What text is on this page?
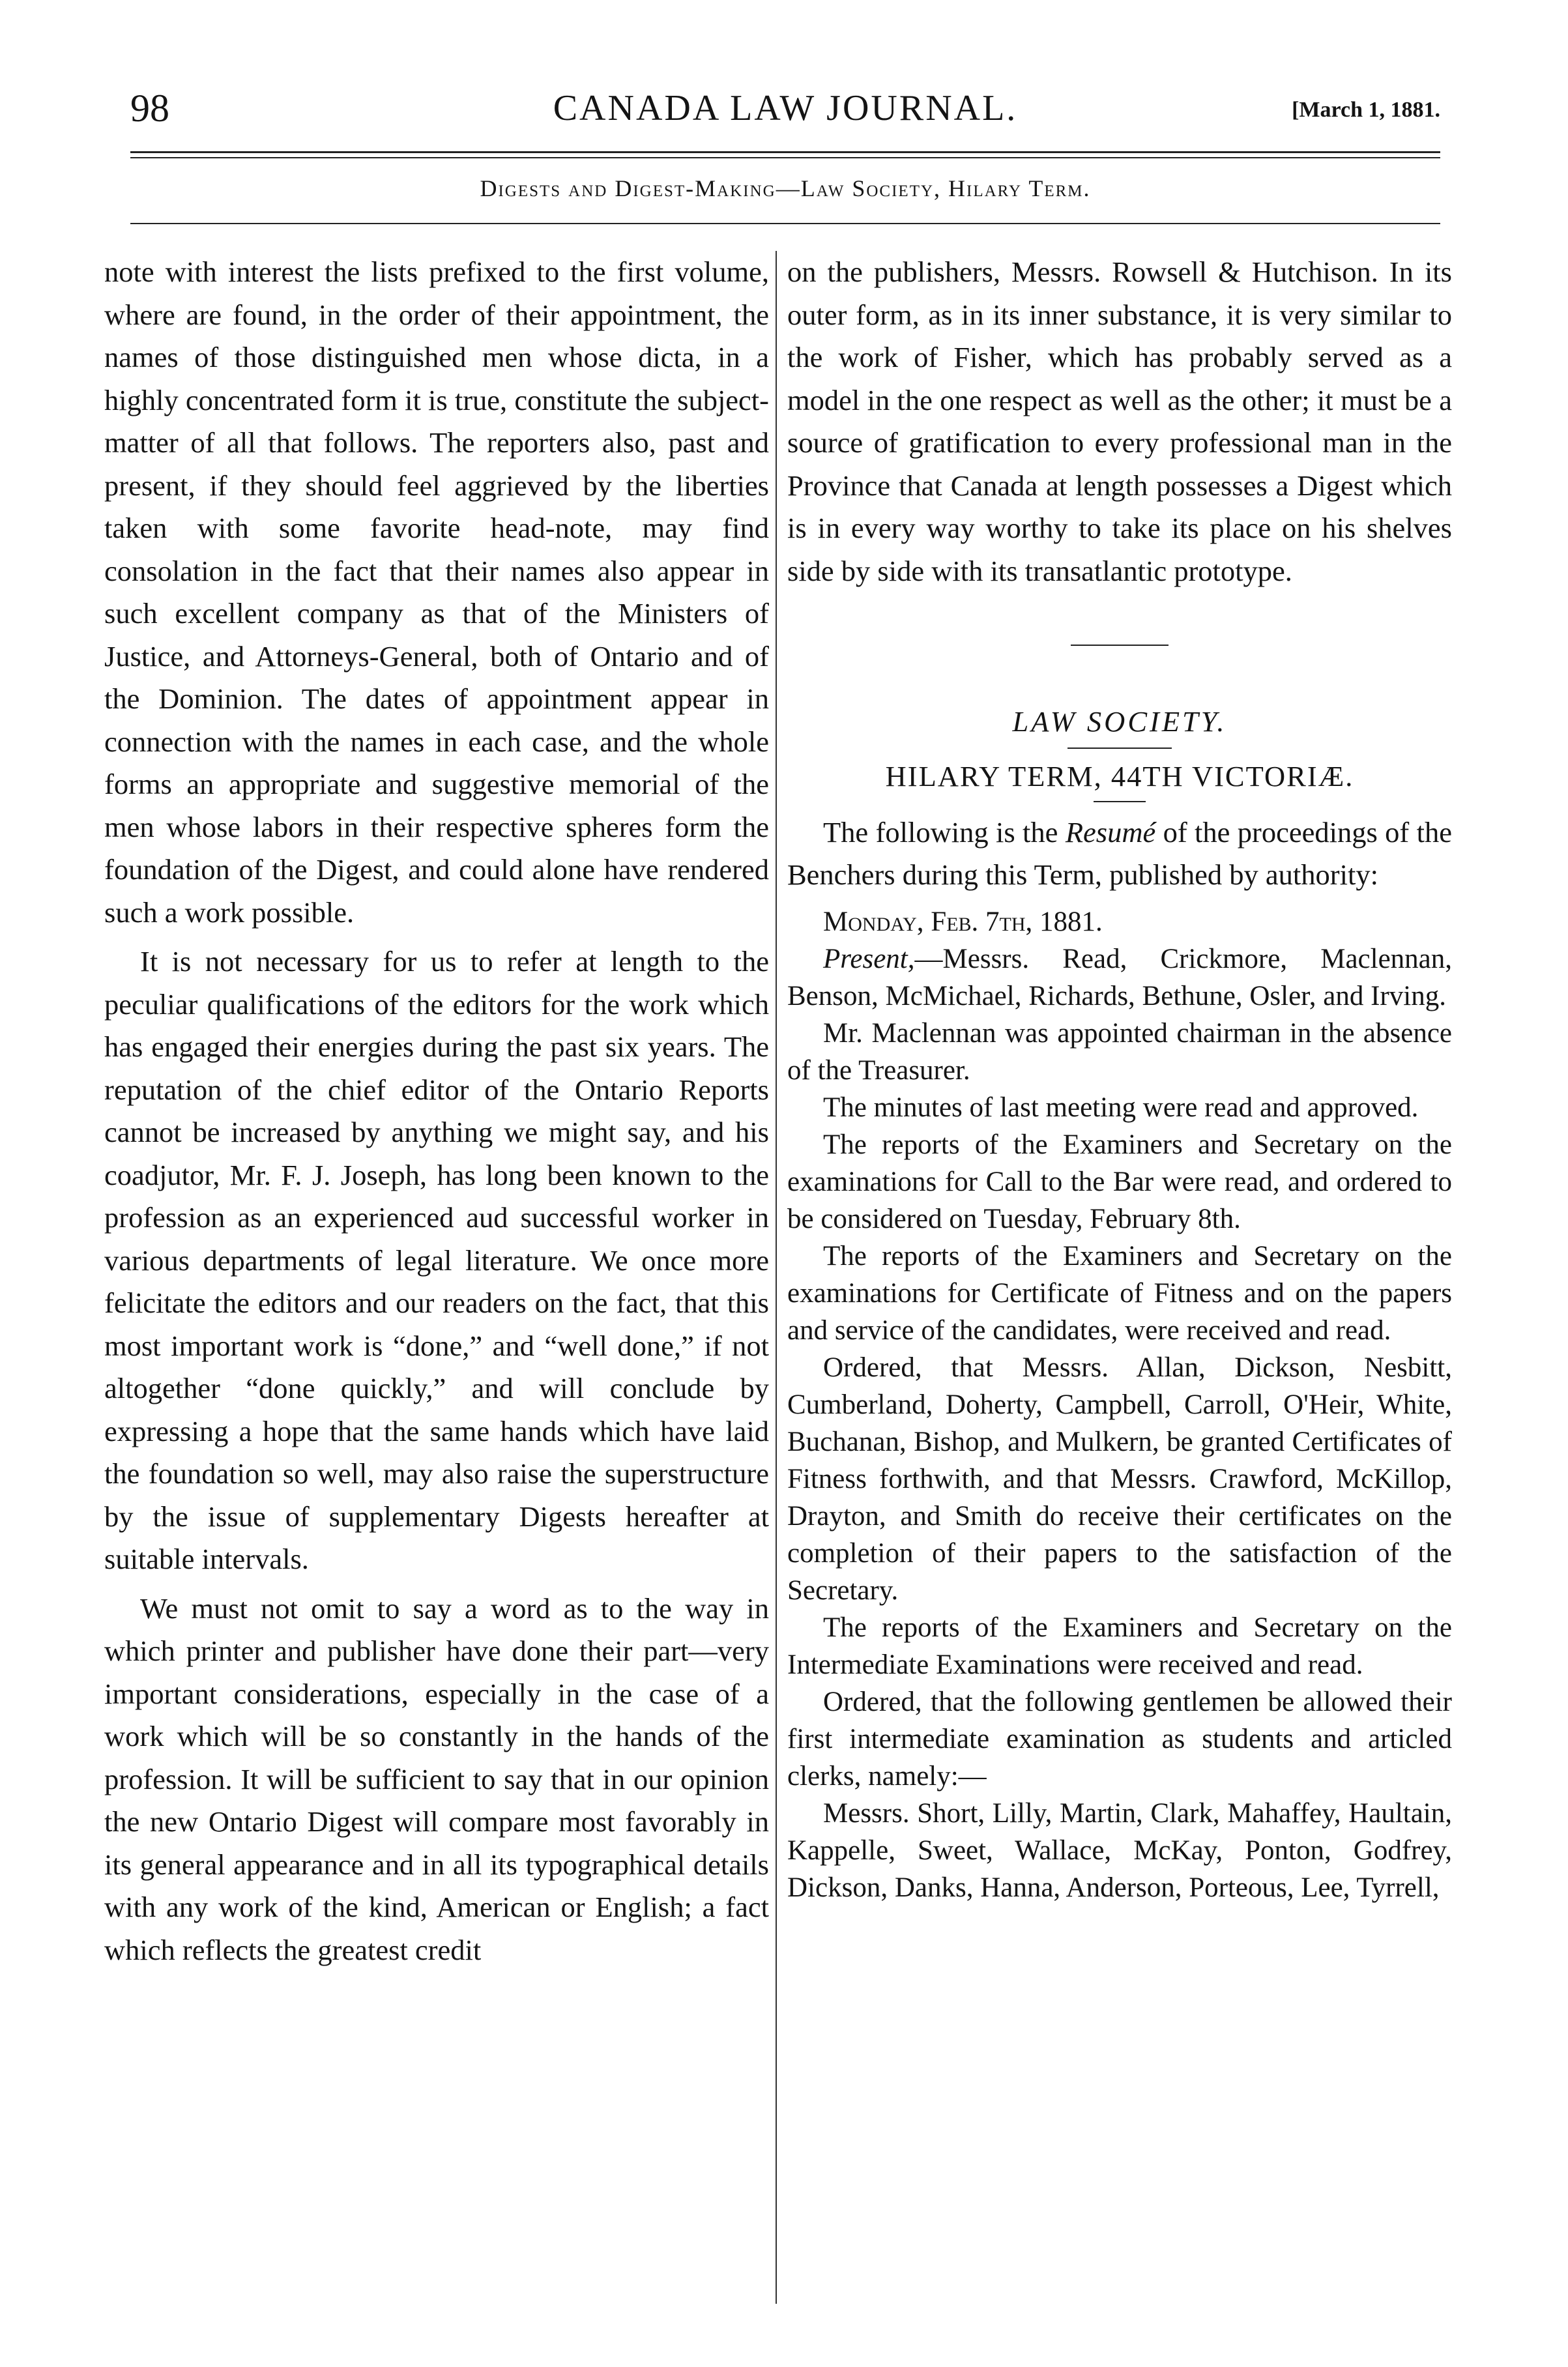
98	CANADA LAW JOURNAL.	[March 1, 1881.
Digests and Digest-Making—Law Society, Hilary Term.

note with interest the lists prefixed to the first volume, where are found, in the order of their appointment, the names of those distinguished men whose dicta, in a highly concentrated form it is true, constitute the subject-matter of all that follows. The reporters also, past and present, if they should feel aggrieved by the liberties taken with some favorite head-note, may find consolation in the fact that their names also appear in such excellent company as that of the Ministers of Justice, and Attorneys-General, both of Ontario and of the Dominion. The dates of appointment appear in connection with the names in each case, and the whole forms an appropriate and suggestive memorial of the men whose labors in their respective spheres form the foundation of the Digest, and could alone have rendered such a work possible.

It is not necessary for us to refer at length to the peculiar qualifications of the editors for the work which has engaged their energies during the past six years. The reputation of the chief editor of the Ontario Reports cannot be increased by anything we might say, and his coadjutor, Mr. F. J. Joseph, has long been known to the profession as an experienced aud successful worker in various departments of legal literature. We once more felicitate the editors and our readers on the fact, that this most important work is “done,” and “well done,” if not altogether “done quickly,” and will conclude by expressing a hope that the same hands which have laid the foundation so well, may also raise the superstructure by the issue of supplementary Digests hereafter at suitable intervals.

We must not omit to say a word as to the way in which printer and publisher have done their part—very important considerations, especially in the case of a work which will be so constantly in the hands of the profession. It will be sufficient to say that in our opinion the new Ontario Digest will compare most favorably in its general appearance and in all its typographical details with any work of the kind, American or English; a fact which reflects the greatest credit

on the publishers, Messrs. Rowsell & Hutchison. In its outer form, as in its inner substance, it is very similar to the work of Fisher, which has probably served as a model in the one respect as well as the other; it must be a source of gratification to every professional man in the Province that Canada at length possesses a Digest which is in every way worthy to take its place on his shelves side by side with its transatlantic prototype.

LAW SOCIETY.

HILARY TERM, 44TH VICTORIÆ.

The following is the Resumé of the proceedings of the Benchers during this Term, published by authority:

Monday, Feb. 7th, 1881.

Present,—Messrs. Read, Crickmore, Maclennan, Benson, McMichael, Richards, Bethune, Osler, and Irving.

Mr. Maclennan was appointed chairman in the absence of the Treasurer.

The minutes of last meeting were read and approved.

The reports of the Examiners and Secretary on the examinations for Call to the Bar were read, and ordered to be considered on Tuesday, February 8th.

The reports of the Examiners and Secretary on the examinations for Certificate of Fitness and on the papers and service of the candidates, were received and read.

Ordered, that Messrs. Allan, Dickson, Nesbitt, Cumberland, Doherty, Campbell, Carroll, O'Heir, White, Buchanan, Bishop, and Mulkern, be granted Certificates of Fitness forthwith, and that Messrs. Crawford, McKillop, Drayton, and Smith do receive their certificates on the completion of their papers to the satisfaction of the Secretary.

The reports of the Examiners and Secretary on the Intermediate Examinations were received and read.

Ordered, that the following gentlemen be allowed their first intermediate examination as students and articled clerks, namely:—

Messrs. Short, Lilly, Martin, Clark, Mahaffey, Haultain, Kappelle, Sweet, Wallace, McKay, Ponton, Godfrey, Dickson, Danks, Hanna, Anderson, Porteous, Lee, Tyrrell,
